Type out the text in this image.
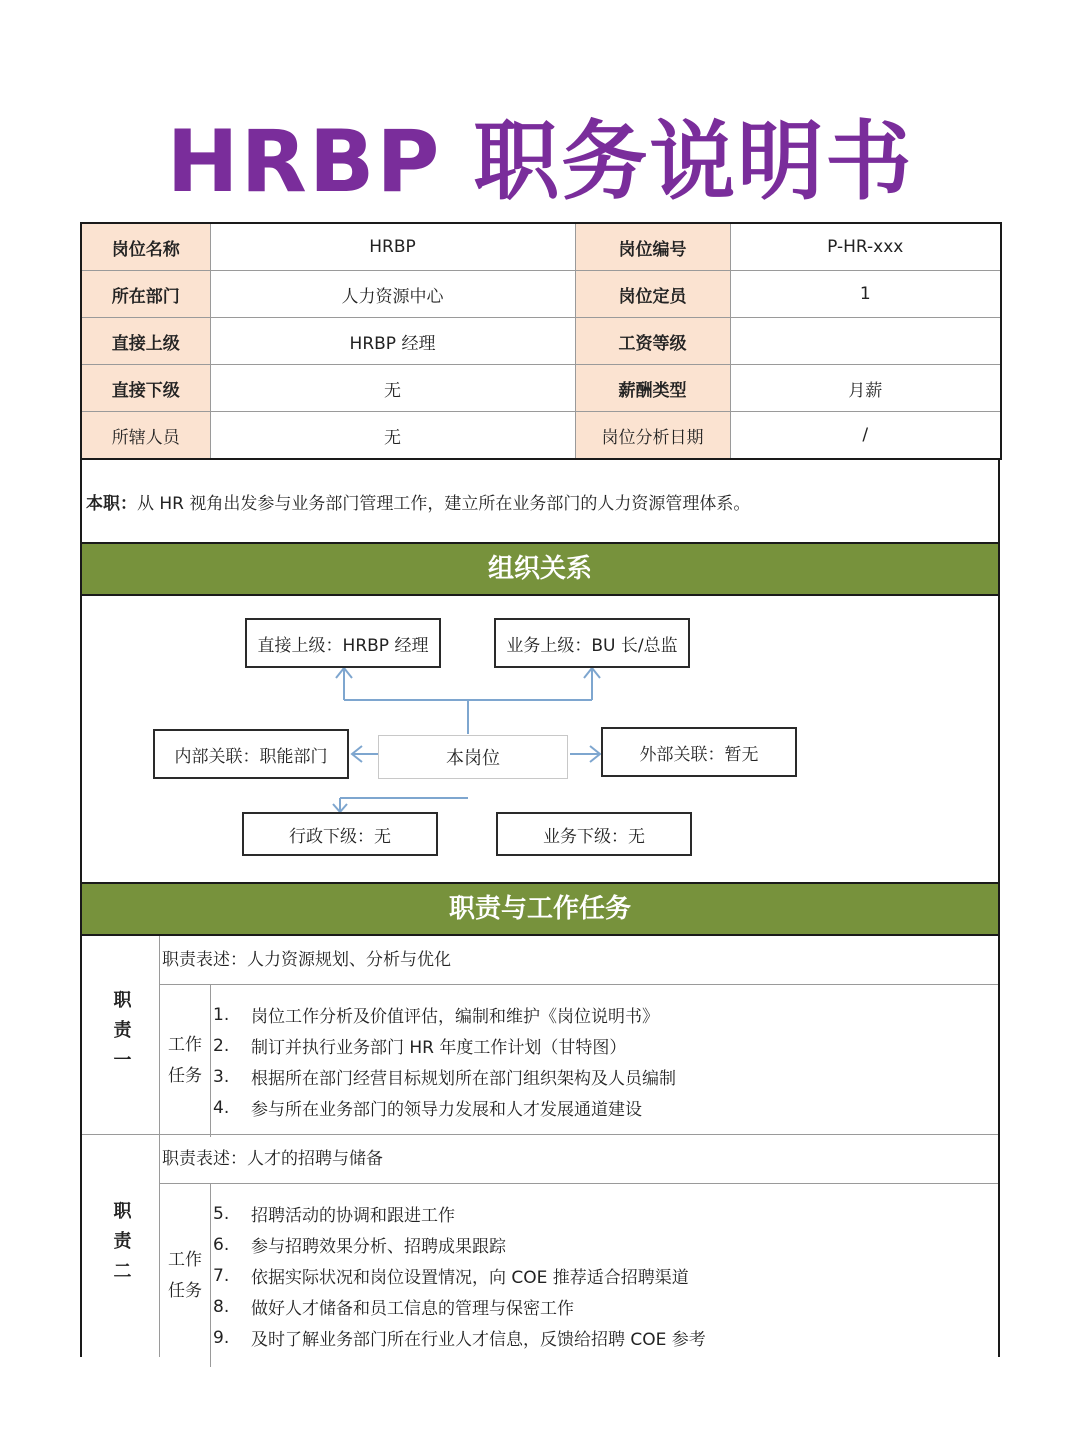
HRBP 职务说明书
岗位名称	HRBP	岗位编号	P-HR-xxx
所在部门	人力资源中心	岗位定员	1
直接上级	HRBP 经理	工资等级	
直接下级	无	薪酬类型	月薪
所辖人员	无	岗位分析日期	/
本职： 从 HR 视角出发参与业务部门管理工作，建立所在业务部门的人力资源管理体系。
组织关系
直接上级：HRBP 经理	业务上级：BU 长/总监
内部关联：职能部门	本岗位	外部关联：暂无
行政下级：无	业务下级：无
职责与工作任务
职责一
职责表述：人力资源规划、分析与优化
工作任务
1.	岗位工作分析及价值评估，编制和维护《岗位说明书》
2.	制订并执行业务部门 HR 年度工作计划（甘特图）
3.	根据所在部门经营目标规划所在部门组织架构及人员编制
4.	参与所在业务部门的领导力发展和人才发展通道建设
职责二
职责表述：人才的招聘与储备
工作任务
5.	招聘活动的协调和跟进工作
6.	参与招聘效果分析、招聘成果跟踪
7.	依据实际状况和岗位设置情况，向 COE 推荐适合招聘渠道
8.	做好人才储备和员工信息的管理与保密工作
9.	及时了解业务部门所在行业人才信息，反馈给招聘 COE 参考
